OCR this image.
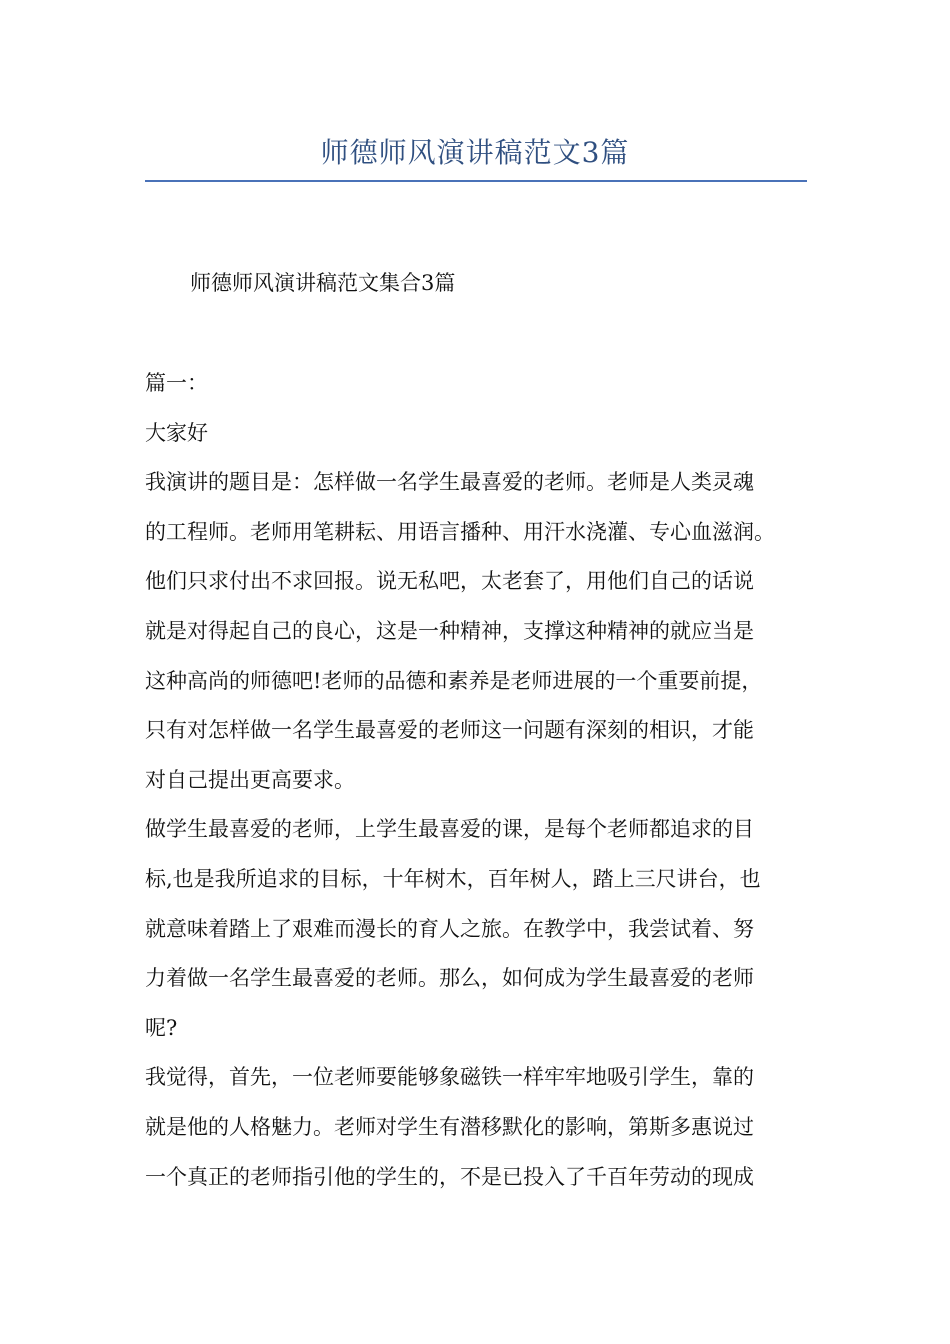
师德师风演讲稿范文3篇
师德师风演讲稿范文集合3篇
篇一：
大家好
我演讲的题目是：怎样做一名学生最喜爱的老师。老师是人类灵魂
的工程师。老师用笔耕耘、用语言播种、用汗水浇灌、专心血滋润。
他们只求付出不求回报。说无私吧，太老套了，用他们自己的话说
就是对得起自己的良心，这是一种精神，支撑这种精神的就应当是
这种高尚的师德吧!老师的品德和素养是老师进展的一个重要前提，
只有对怎样做一名学生最喜爱的老师这一问题有深刻的相识，才能
对自己提出更高要求。
做学生最喜爱的老师，上学生最喜爱的课，是每个老师都追求的目
标,也是我所追求的目标，十年树木，百年树人，踏上三尺讲台，也
就意味着踏上了艰难而漫长的育人之旅。在教学中，我尝试着、努
力着做一名学生最喜爱的老师。那么，如何成为学生最喜爱的老师
呢?
我觉得，首先，一位老师要能够象磁铁一样牢牢地吸引学生，靠的
就是他的人格魅力。老师对学生有潜移默化的影响，第斯多惠说过
一个真正的老师指引他的学生的，不是已投入了千百年劳动的现成
